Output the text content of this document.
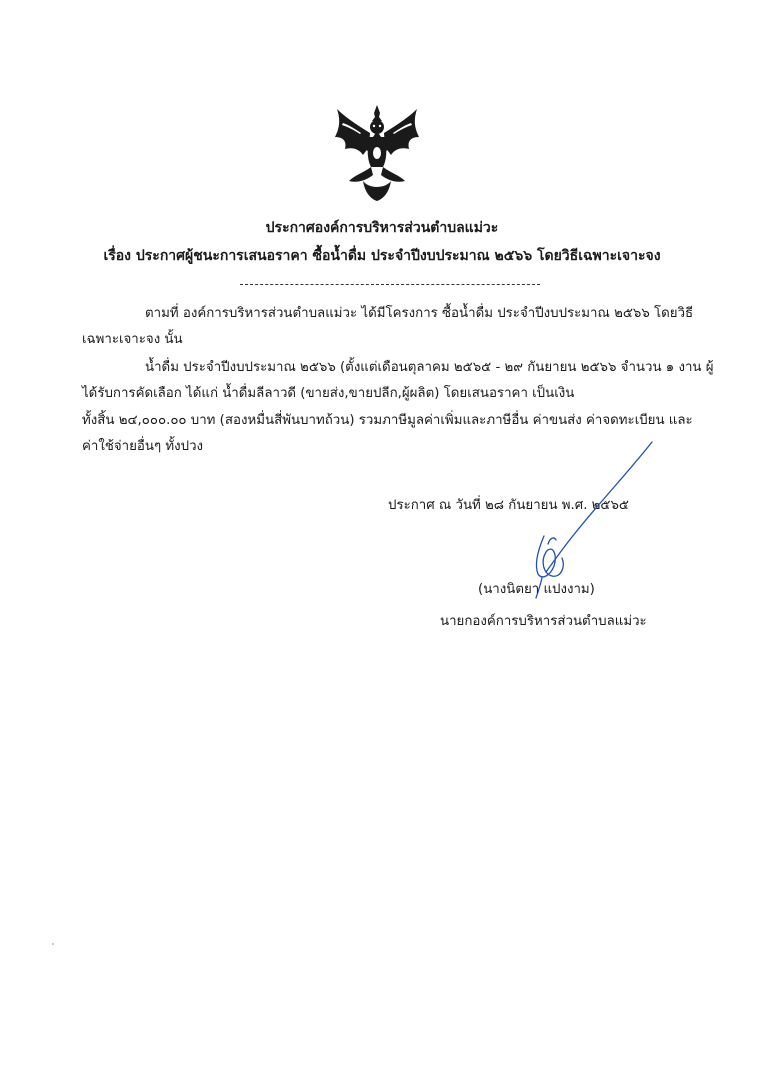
ประกาศองค์การบริหารส่วนตำบลแม่วะ
เรื่อง ประกาศผู้ชนะการเสนอราคา ซื้อน้ำดื่ม ประจำปีงบประมาณ ๒๕๖๖ โดยวิธีเฉพาะเจาะจง
ตามที่ องค์การบริหารส่วนตำบลแม่วะ ได้มีโครงการ ซื้อน้ำดื่ม ประจำปีงบประมาณ ๒๕๖๖ โดยวิธี
เฉพาะเจาะจง นั้น
น้ำดื่ม ประจำปีงบประมาณ ๒๕๖๖ (ตั้งแต่เดือนตุลาคม ๒๕๖๕ - ๒๙ กันยายน ๒๕๖๖ จำนวน ๑ งาน ผู้
ได้รับการคัดเลือก ได้แก่ น้ำดื่มลีลาวดี (ขายส่ง,ขายปลีก,ผู้ผลิต) โดยเสนอราคา เป็นเงิน
ทั้งสิ้น ๒๔,๐๐๐.๐๐ บาท (สองหมื่นสี่พันบาทถ้วน) รวมภาษีมูลค่าเพิ่มและภาษีอื่น ค่าขนส่ง ค่าจดทะเบียน และ
ค่าใช้จ่ายอื่นๆ ทั้งปวง
ประกาศ ณ วันที่ ๒๘ กันยายน พ.ศ. ๒๕๖๕
(นางนิตยา แปงงาม)
นายกองค์การบริหารส่วนตำบลแม่วะ
